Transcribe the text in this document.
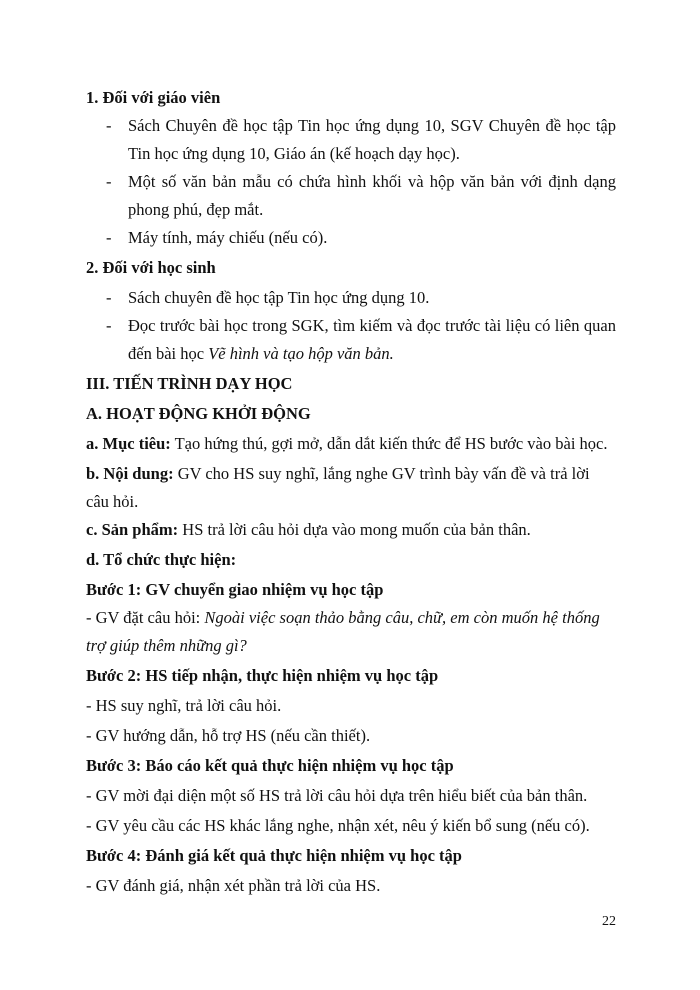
1. Đối với giáo viên
- Sách Chuyên đề học tập Tin học ứng dụng 10, SGV Chuyên đề học tập Tin học ứng dụng 10, Giáo án (kế hoạch dạy học).
- Một số văn bản mẫu có chứa hình khối và hộp văn bản với định dạng phong phú, đẹp mắt.
- Máy tính, máy chiếu (nếu có).
2. Đối với học sinh
- Sách chuyên đề học tập Tin học ứng dụng 10.
- Đọc trước bài học trong SGK, tìm kiếm và đọc trước tài liệu có liên quan đến bài học Vẽ hình và tạo hộp văn bản.
III. TIẾN TRÌNH DẠY HỌC
A. HOẠT ĐỘNG KHỞI ĐỘNG
a. Mục tiêu: Tạo hứng thú, gợi mở, dẫn dắt kiến thức để HS bước vào bài học.
b. Nội dung: GV cho HS suy nghĩ, lắng nghe GV trình bày vấn đề và trả lời câu hỏi.
c. Sản phẩm: HS trả lời câu hỏi dựa vào mong muốn của bản thân.
d. Tổ chức thực hiện:
Bước 1: GV chuyển giao nhiệm vụ học tập
- GV đặt câu hỏi: Ngoài việc soạn thảo bằng câu, chữ, em còn muốn hệ thống trợ giúp thêm những gì?
Bước 2: HS tiếp nhận, thực hiện nhiệm vụ học tập
- HS suy nghĩ, trả lời câu hỏi.
- GV hướng dẫn, hỗ trợ HS (nếu cần thiết).
Bước 3: Báo cáo kết quả thực hiện nhiệm vụ học tập
- GV mời đại diện một số HS trả lời câu hỏi dựa trên hiểu biết của bản thân.
- GV yêu cầu các HS khác lắng nghe, nhận xét, nêu ý kiến bổ sung (nếu có).
Bước 4: Đánh giá kết quả thực hiện nhiệm vụ học tập
- GV đánh giá, nhận xét phần trả lời của HS.
22
